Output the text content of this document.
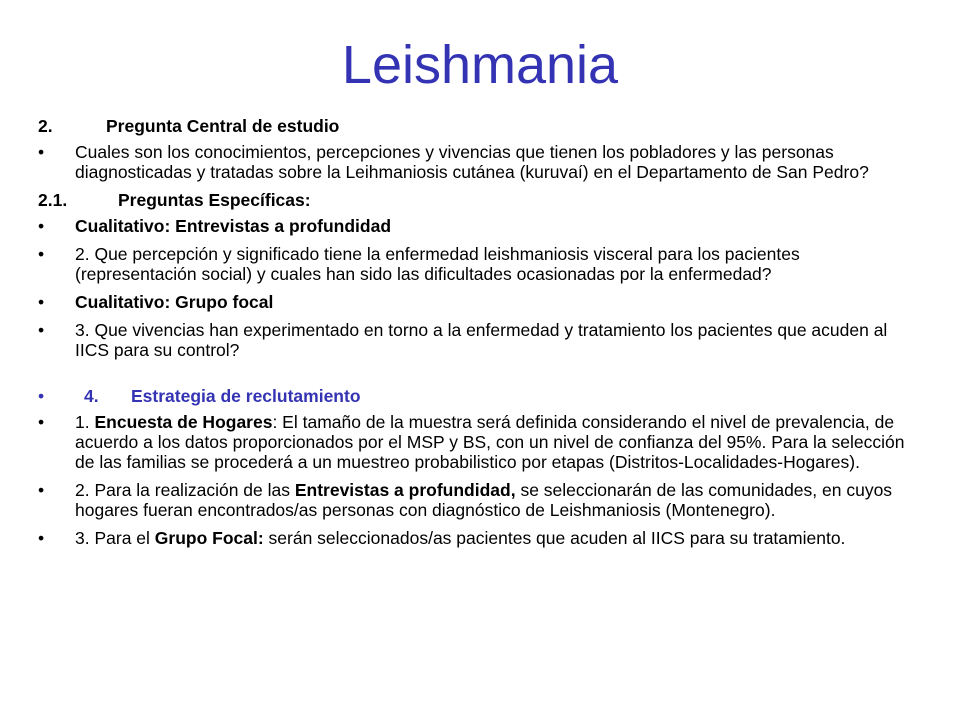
Leishmania
2.	Pregunta Central de estudio
•	Cuales son los conocimientos, percepciones y vivencias que tienen los pobladores y las personas diagnosticadas y tratadas sobre la Leihmaniosis cutánea (kuruvaí) en el Departamento de San Pedro?
2.1.	Preguntas Específicas:
•	Cualitativo: Entrevistas a profundidad
•	2. Que percepción y significado tiene la enfermedad leishmaniosis visceral para los pacientes (representación social) y cuales han sido las dificultades ocasionadas por la enfermedad?
•	Cualitativo: Grupo focal
•	3. Que vivencias han experimentado en torno a la enfermedad y tratamiento los pacientes que acuden al IICS para su control?
•	4. Estrategia de reclutamiento
•	1. Encuesta de Hogares: El tamaño de la muestra será definida considerando el nivel de prevalencia, de acuerdo a los datos proporcionados por el MSP y BS, con un nivel de confianza del 95%. Para la selección de las familias se procederá a un muestreo probabilistico por etapas (Distritos-Localidades-Hogares).
•	2. Para la realización de las Entrevistas a profundidad, se seleccionarán de las comunidades, en cuyos hogares fueran encontrados/as personas con diagnóstico de Leishmaniosis (Montenegro).
•	3. Para el Grupo Focal: serán seleccionados/as pacientes que acuden al IICS para su tratamiento.
